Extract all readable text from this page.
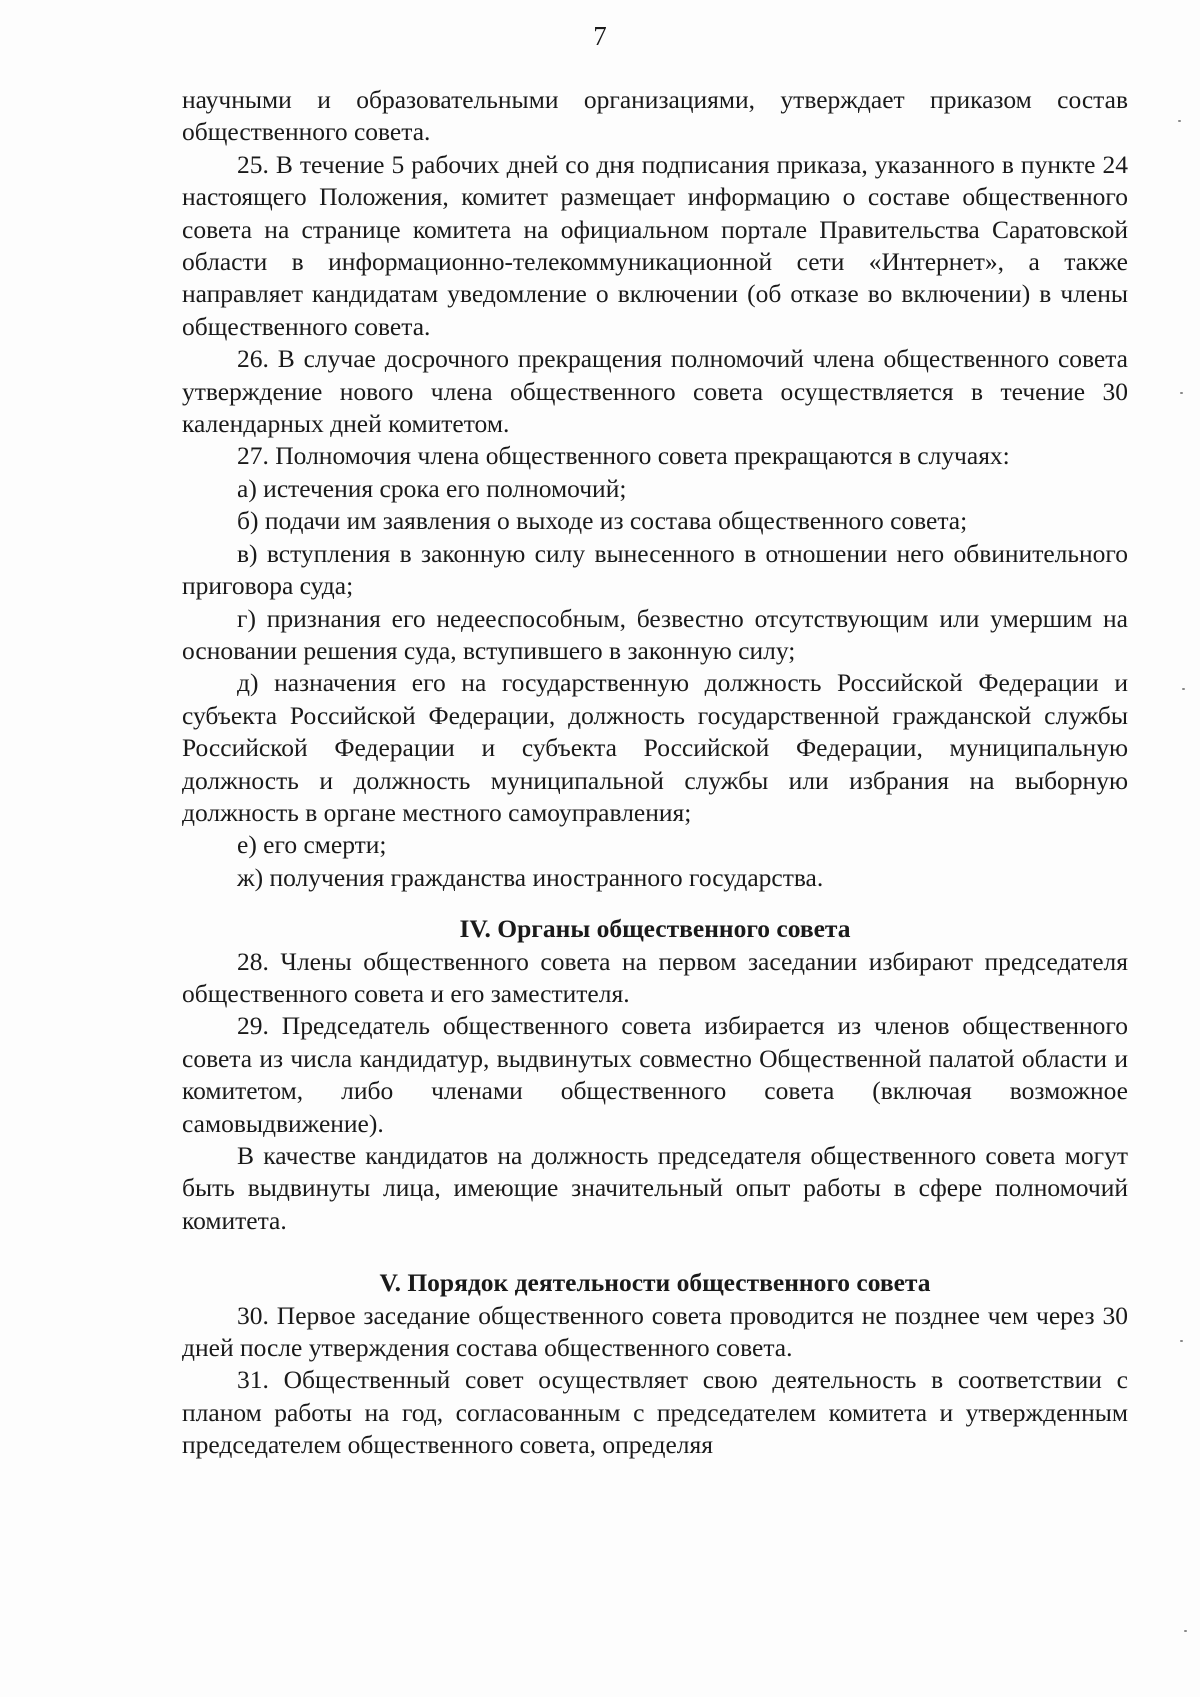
7

научными и образовательными организациями, утверждает приказом состав общественного совета.

25. В течение 5 рабочих дней со дня подписания приказа, указанного в пункте 24 настоящего Положения, комитет размещает информацию о составе общественного совета на странице комитета на официальном портале Правительства Саратовской области в информационно-телекоммуникационной сети «Интернет», а также направляет кандидатам уведомление о включении (об отказе во включении) в члены общественного совета.

26. В случае досрочного прекращения полномочий члена общественного совета утверждение нового члена общественного совета осуществляется в течение 30 календарных дней комитетом.

27. Полномочия члена общественного совета прекращаются в случаях:

а) истечения срока его полномочий;

б) подачи им заявления о выходе из состава общественного совета;

в) вступления в законную силу вынесенного в отношении него обвинительного приговора суда;

г) признания его недееспособным, безвестно отсутствующим или умершим на основании решения суда, вступившего в законную силу;

д) назначения его на государственную должность Российской Федерации и субъекта Российской Федерации, должность государственной гражданской службы Российской Федерации и субъекта Российской Федерации, муниципальную должность и должность муниципальной службы или избрания на выборную должность в органе местного самоуправления;

е) его смерти;

ж) получения гражданства иностранного государства.

IV. Органы общественного совета

28. Члены общественного совета на первом заседании избирают председателя общественного совета и его заместителя.

29. Председатель общественного совета избирается из членов общественного совета из числа кандидатур, выдвинутых совместно Общественной палатой области и комитетом, либо членами общественного совета (включая возможное самовыдвижение).

В качестве кандидатов на должность председателя общественного совета могут быть выдвинуты лица, имеющие значительный опыт работы в сфере полномочий комитета.

V. Порядок деятельности общественного совета

30. Первое заседание общественного совета проводится не позднее чем через 30 дней после утверждения состава общественного совета.

31. Общественный совет осуществляет свою деятельность в соответствии с планом работы на год, согласованным с председателем комитета и утвержденным председателем общественного совета, определяя
